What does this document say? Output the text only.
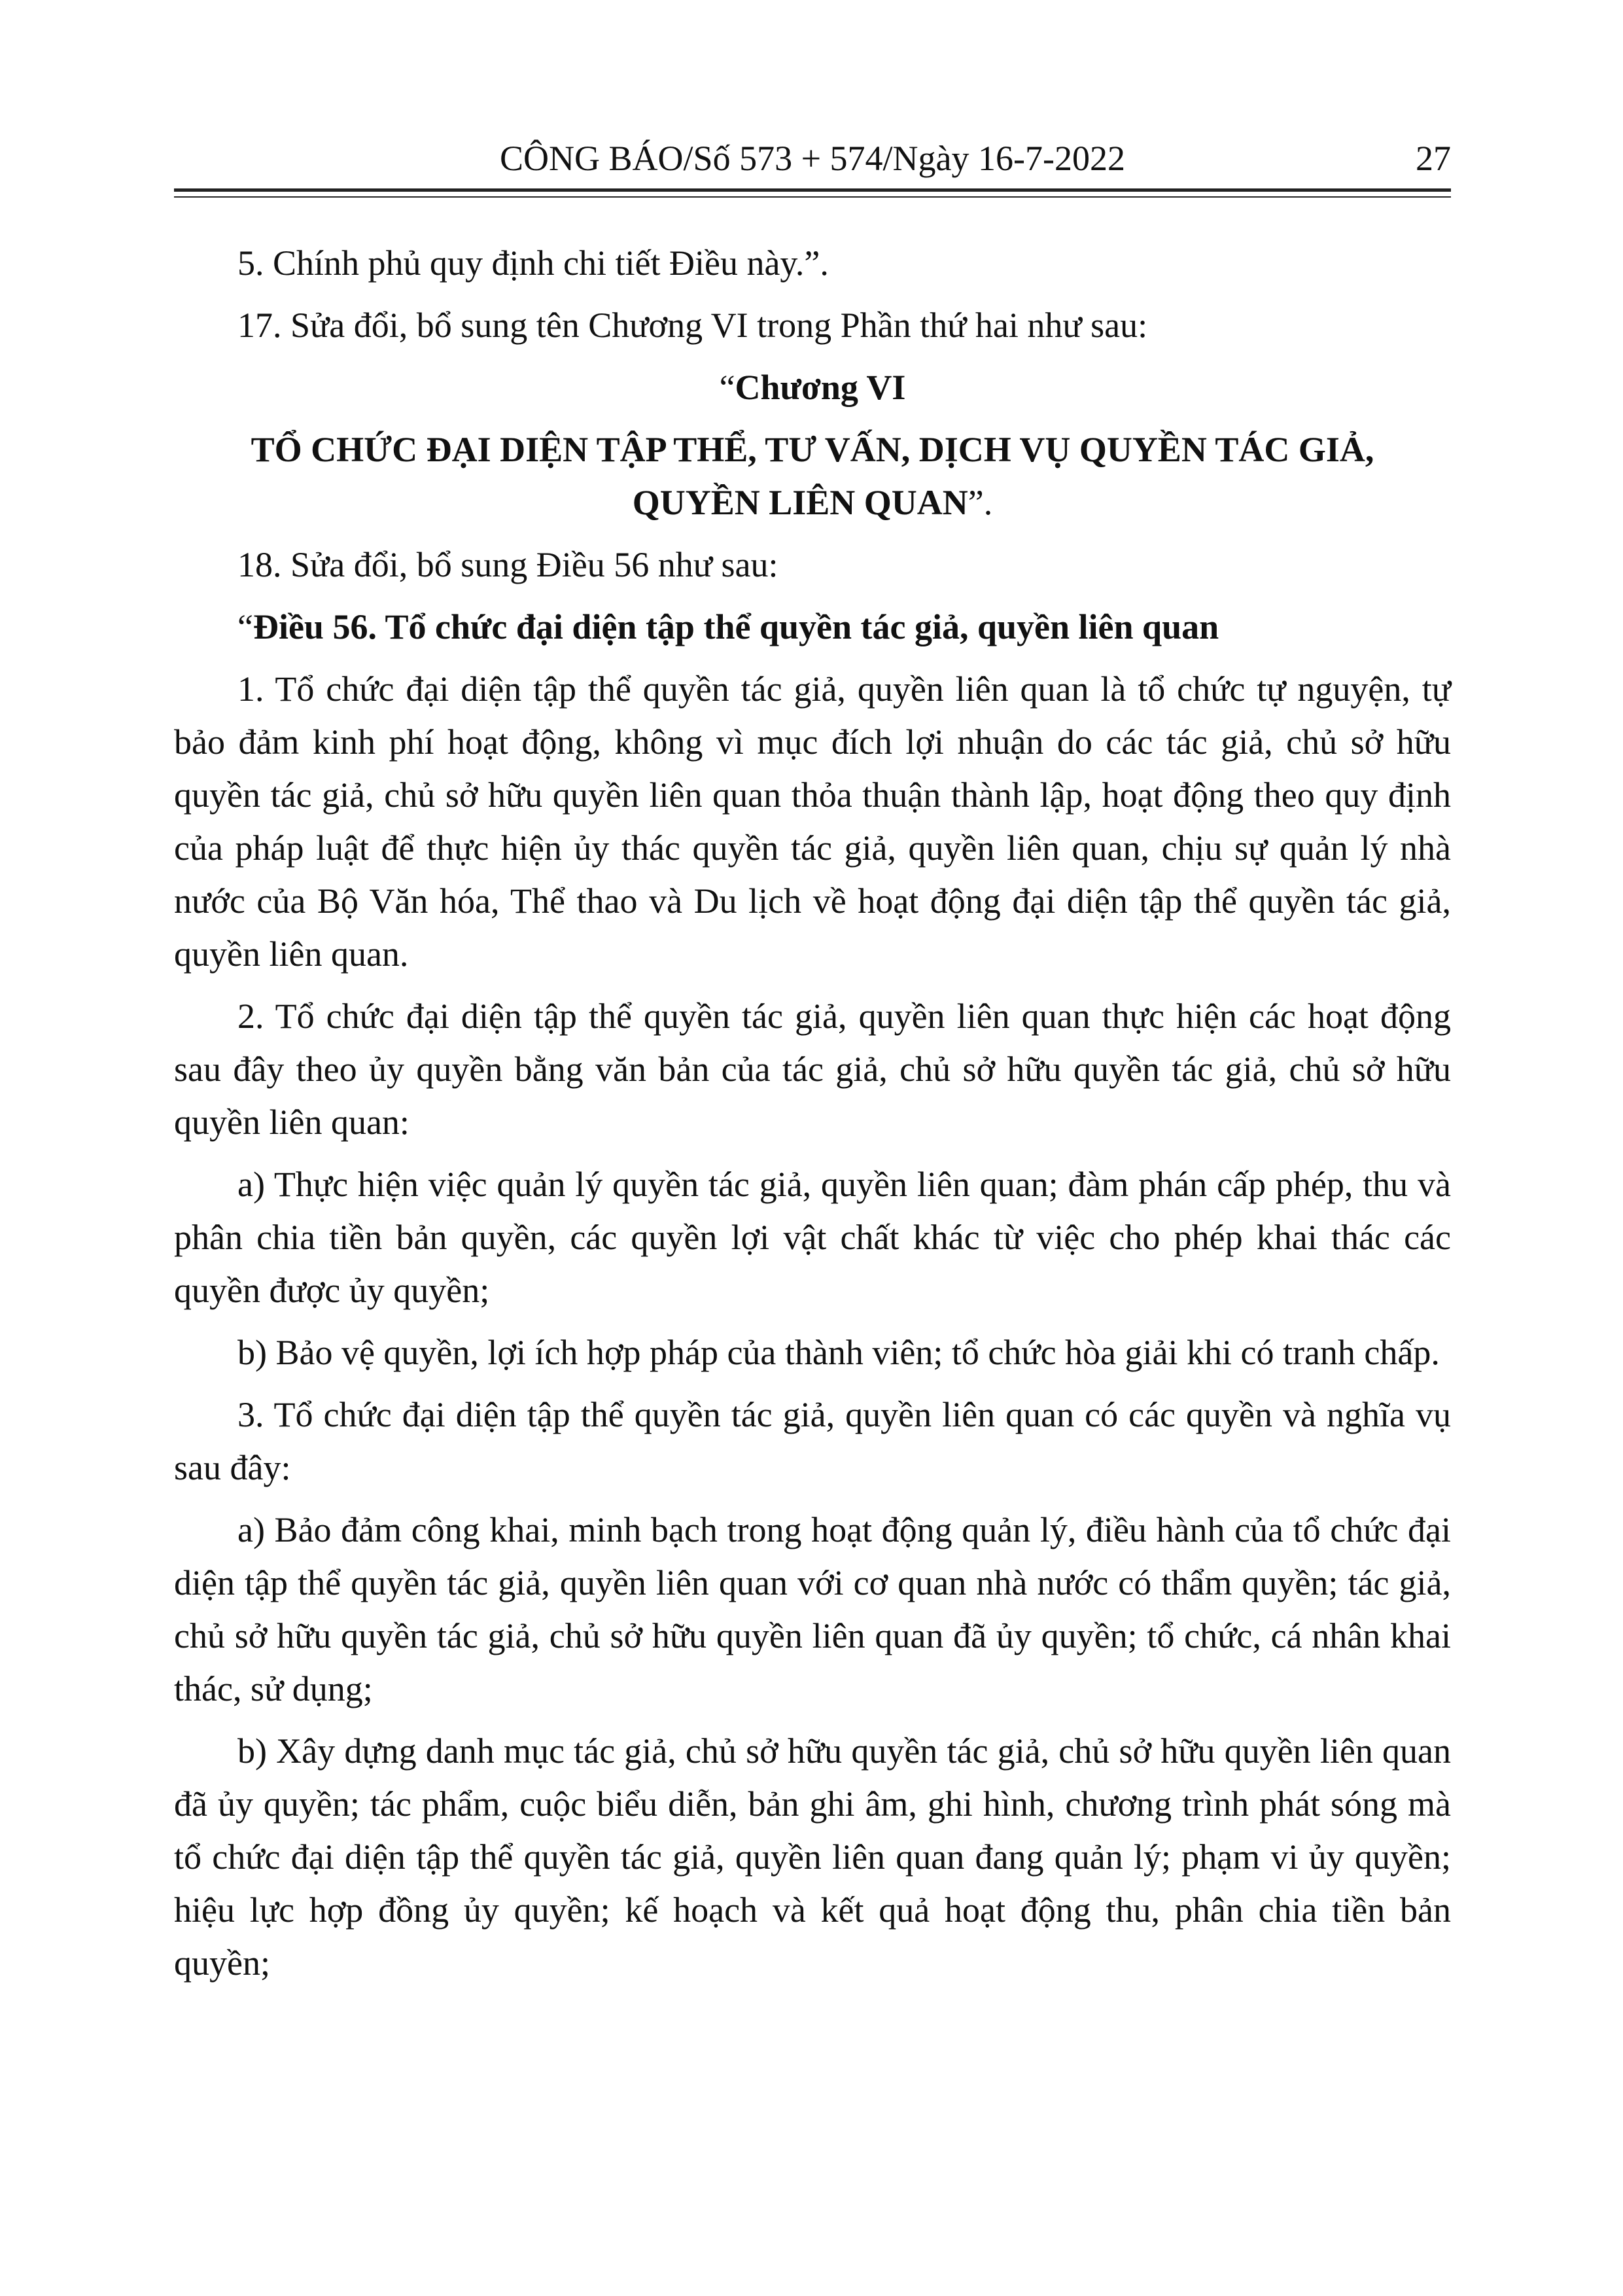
CÔNG BÁO/Số 573 + 574/Ngày 16-7-2022	27

5. Chính phủ quy định chi tiết Điều này.”.

17. Sửa đổi, bổ sung tên Chương VI trong Phần thứ hai như sau:

“Chương VI

TỔ CHỨC ĐẠI DIỆN TẬP THỂ, TƯ VẤN, DỊCH VỤ QUYỀN TÁC GIẢ,
QUYỀN LIÊN QUAN”.

18. Sửa đổi, bổ sung Điều 56 như sau:

“Điều 56. Tổ chức đại diện tập thể quyền tác giả, quyền liên quan

1. Tổ chức đại diện tập thể quyền tác giả, quyền liên quan là tổ chức tự nguyện, tự bảo đảm kinh phí hoạt động, không vì mục đích lợi nhuận do các tác giả, chủ sở hữu quyền tác giả, chủ sở hữu quyền liên quan thỏa thuận thành lập, hoạt động theo quy định của pháp luật để thực hiện ủy thác quyền tác giả, quyền liên quan, chịu sự quản lý nhà nước của Bộ Văn hóa, Thể thao và Du lịch về hoạt động đại diện tập thể quyền tác giả, quyền liên quan.

2. Tổ chức đại diện tập thể quyền tác giả, quyền liên quan thực hiện các hoạt động sau đây theo ủy quyền bằng văn bản của tác giả, chủ sở hữu quyền tác giả, chủ sở hữu quyền liên quan:

a) Thực hiện việc quản lý quyền tác giả, quyền liên quan; đàm phán cấp phép, thu và phân chia tiền bản quyền, các quyền lợi vật chất khác từ việc cho phép khai thác các quyền được ủy quyền;

b) Bảo vệ quyền, lợi ích hợp pháp của thành viên; tổ chức hòa giải khi có tranh chấp.

3. Tổ chức đại diện tập thể quyền tác giả, quyền liên quan có các quyền và nghĩa vụ sau đây:

a) Bảo đảm công khai, minh bạch trong hoạt động quản lý, điều hành của tổ chức đại diện tập thể quyền tác giả, quyền liên quan với cơ quan nhà nước có thẩm quyền; tác giả, chủ sở hữu quyền tác giả, chủ sở hữu quyền liên quan đã ủy quyền; tổ chức, cá nhân khai thác, sử dụng;

b) Xây dựng danh mục tác giả, chủ sở hữu quyền tác giả, chủ sở hữu quyền liên quan đã ủy quyền; tác phẩm, cuộc biểu diễn, bản ghi âm, ghi hình, chương trình phát sóng mà tổ chức đại diện tập thể quyền tác giả, quyền liên quan đang quản lý; phạm vi ủy quyền; hiệu lực hợp đồng ủy quyền; kế hoạch và kết quả hoạt động thu, phân chia tiền bản quyền;
